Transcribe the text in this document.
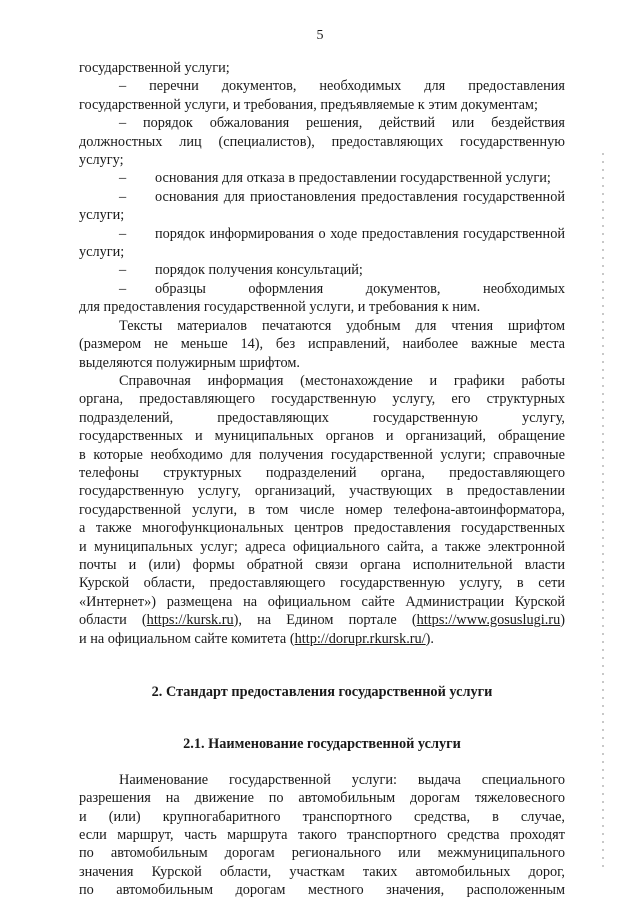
5
государственной услуги;
– перечни документов, необходимых для предоставления
государственной услуги, и требования, предъявляемые к этим документам;
– порядок обжалования решения, действий или бездействия
должностных лиц (специалистов), предоставляющих государственную
услугу;
–	основания для отказа в предоставлении государственной услуги;
–	основания для приостановления предоставления государственной
услуги;
–	порядок информирования о ходе предоставления государственной
услуги;
–	порядок получения консультаций;
–	образцы оформления документов, необходимых
для предоставления государственной услуги, и требования к ним.
Тексты материалов печатаются удобным для чтения шрифтом
(размером не меньше 14), без исправлений, наиболее важные места
выделяются полужирным шрифтом.
Справочная информация (местонахождение и графики работы
органа, предоставляющего государственную услугу, его структурных
подразделений, предоставляющих государственную услугу,
государственных и муниципальных органов и организаций, обращение
в которые необходимо для получения государственной услуги; справочные
телефоны структурных подразделений органа, предоставляющего
государственную услугу, организаций, участвующих в предоставлении
государственной услуги, в том числе номер телефона-автоинформатора,
а также многофункциональных центров предоставления государственных
и муниципальных услуг; адреса официального сайта, а также электронной
почты и (или) формы обратной связи органа исполнительной власти
Курской области, предоставляющего государственную услугу, в сети
«Интернет») размещена на официальном сайте Администрации Курской
области (https://kursk.ru), на Едином портале (https://www.gosuslugi.ru)
и на официальном сайте комитета (http://dorupr.rkursk.ru/).
2. Стандарт предоставления государственной услуги
2.1. Наименование государственной услуги
Наименование государственной услуги: выдача специального
разрешения на движение по автомобильным дорогам тяжеловесного
и (или) крупногабаритного транспортного средства, в случае,
если маршрут, часть маршрута такого транспортного средства проходят
по автомобильным дорогам регионального или межмуниципального
значения Курской области, участкам таких автомобильных дорог,
по автомобильным дорогам местного значения, расположенным
